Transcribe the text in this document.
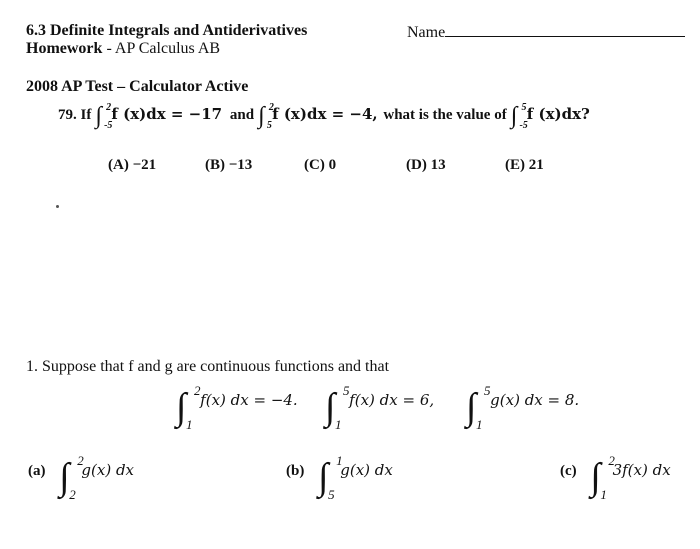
6.3 Definite Integrals and Antiderivatives	Name
Homework - AP Calculus AB
2008 AP Test – Calculator Active
79. If ∫ 2
-5
f (x)dx = −17 and ∫ 2
5
f (x)dx = −4, what is the value of ∫ 5
-5
f (x)dx?
(A) −21	(B) −13	(C) 0	(D) 13	(E) 21
1. Suppose that f and g are continuous functions and that
∫ 2
1
f(x) dx = −4. ∫ 5
1
f(x) dx = 6, ∫ 5
1
g(x) dx = 8.
(a) ∫ 2
2
g(x) dx	(b) ∫ 1
5
g(x) dx	(c) ∫ 2
1
3f(x) dx
